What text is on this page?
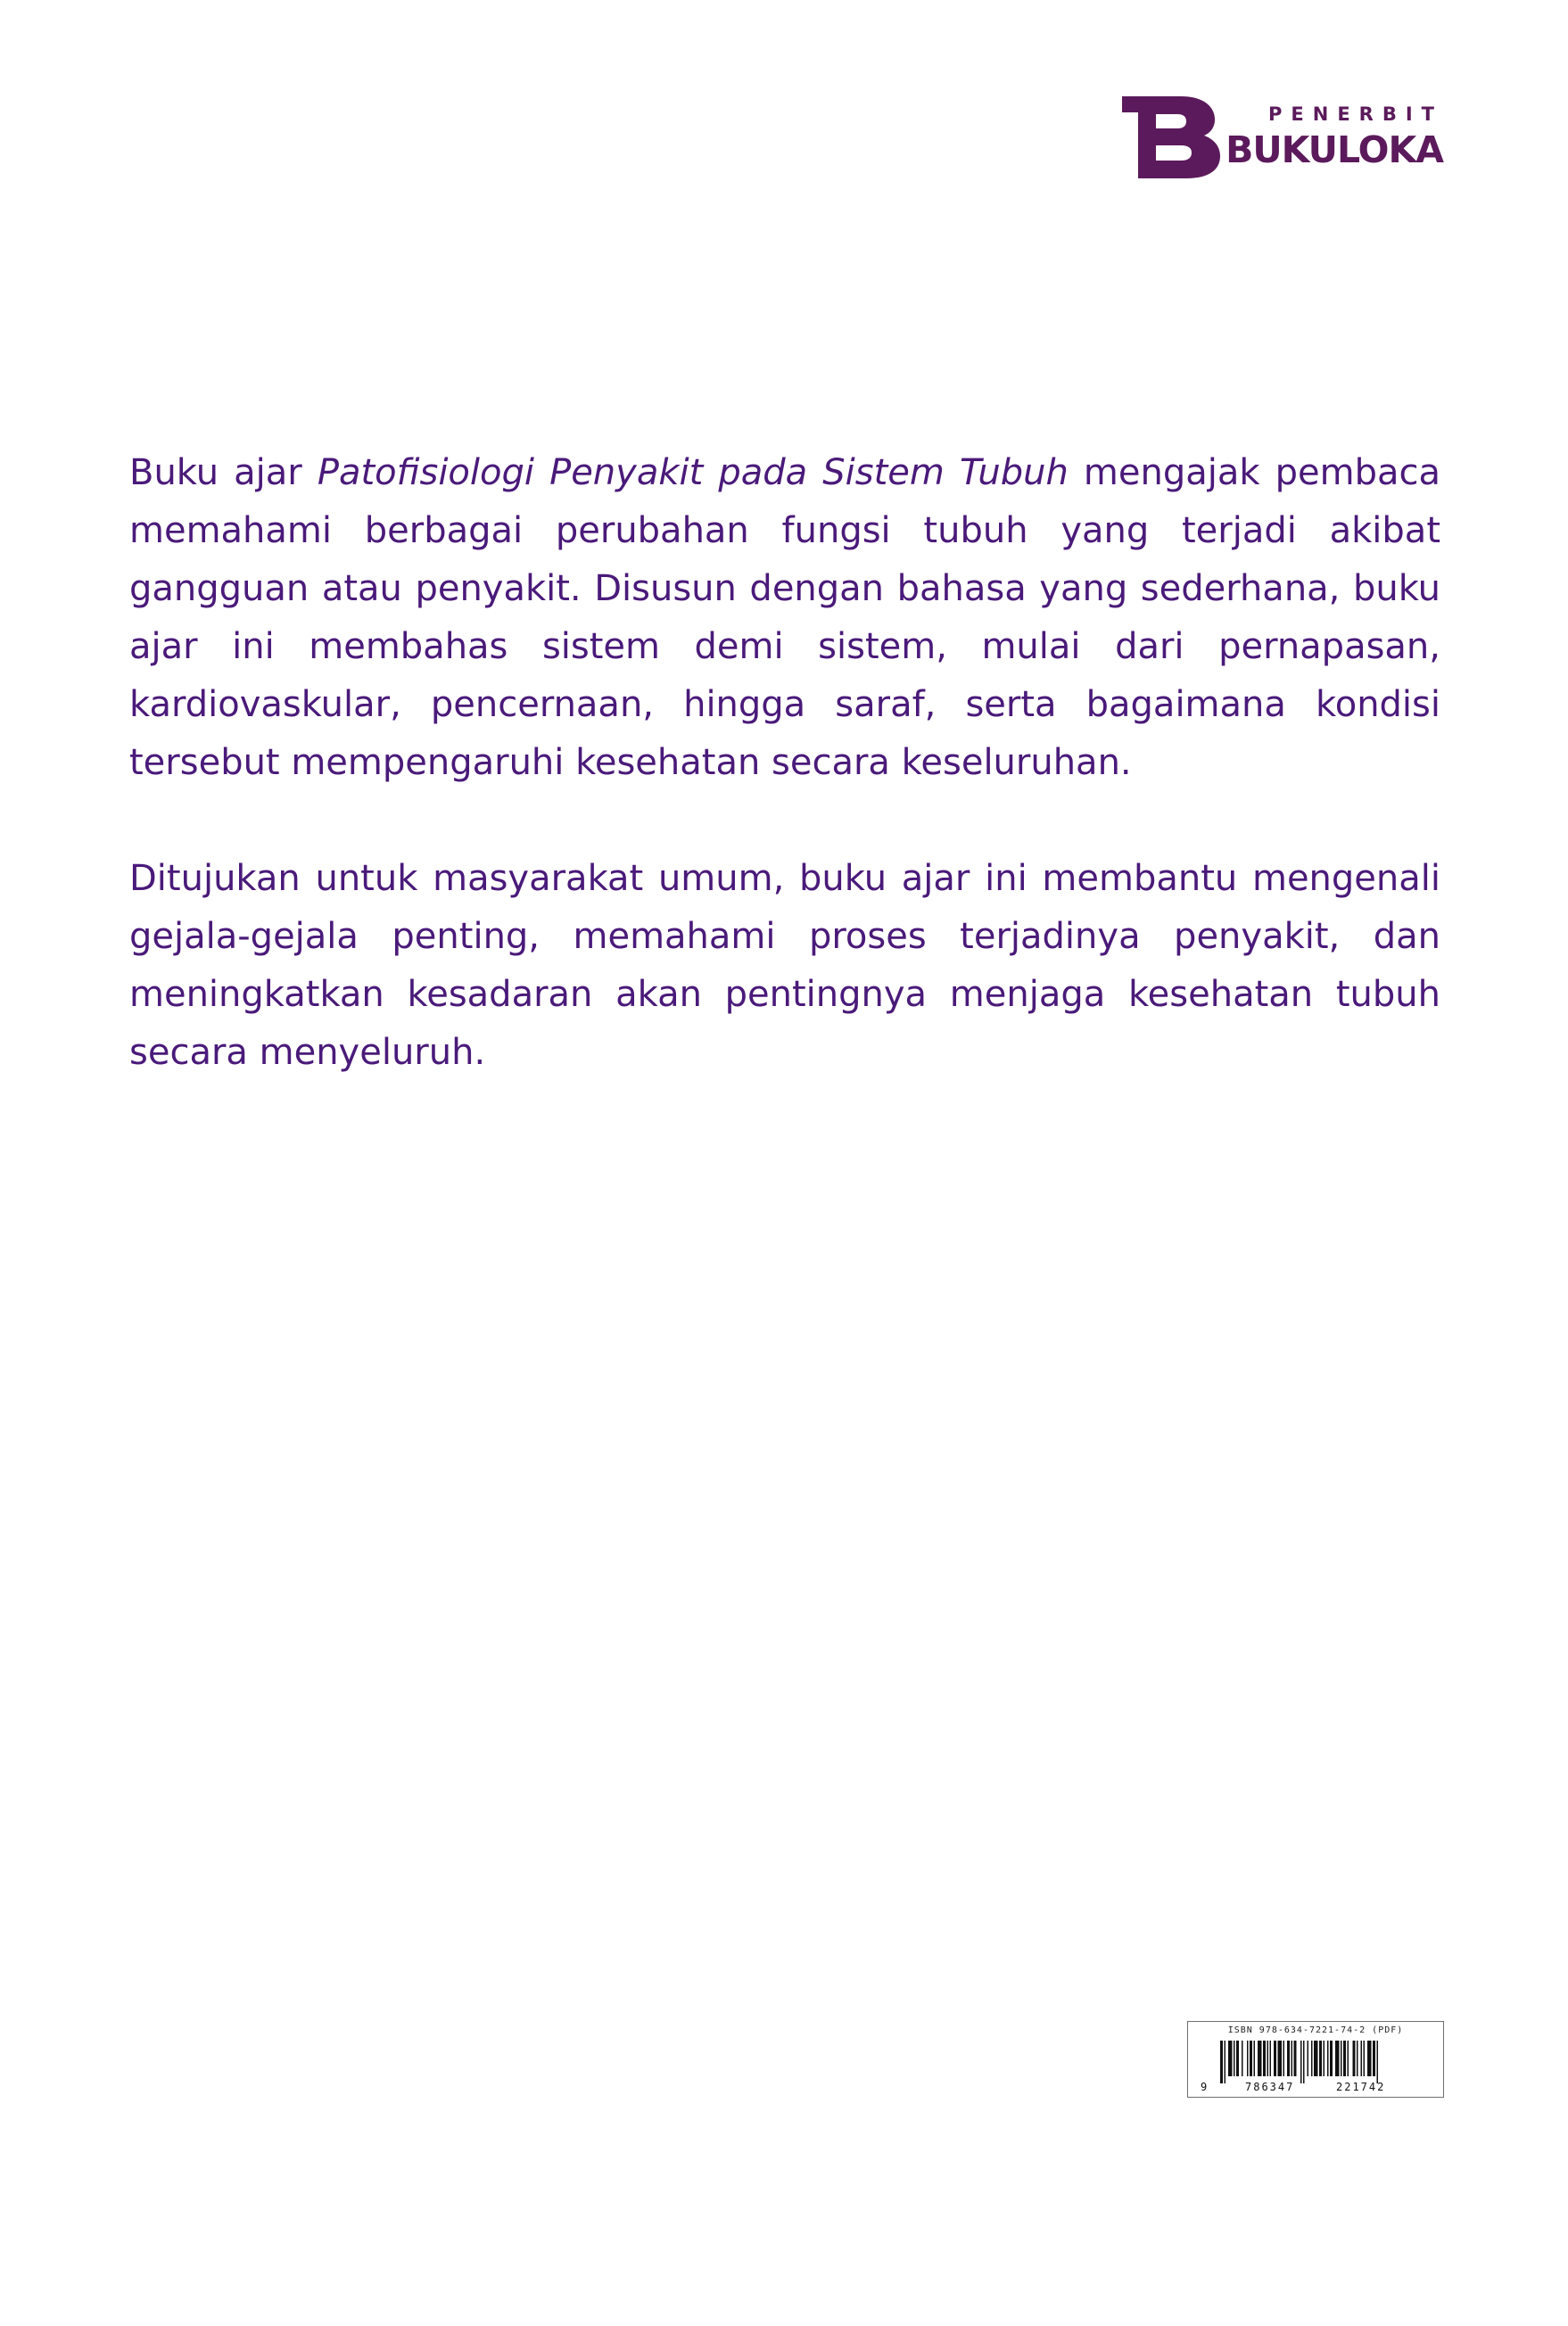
PENERBIT
BUKULOKA

Buku ajar Patofisiologi Penyakit pada Sistem Tubuh mengajak pembaca memahami berbagai perubahan fungsi tubuh yang terjadi akibat gangguan atau penyakit. Disusun dengan bahasa yang sederhana, buku ajar ini membahas sistem demi sistem, mulai dari pernapasan, kardiovaskular, pencernaan, hingga saraf, serta bagaimana kondisi tersebut mempengaruhi kesehatan secara keseluruhan.

Ditujukan untuk masyarakat umum, buku ajar ini membantu mengenali gejala-gejala penting, memahami proses terjadinya penyakit, dan meningkatkan kesadaran akan pentingnya menjaga kesehatan tubuh secara menyeluruh.

ISBN 978-634-7221-74-2 (PDF)
9	786347	221742
